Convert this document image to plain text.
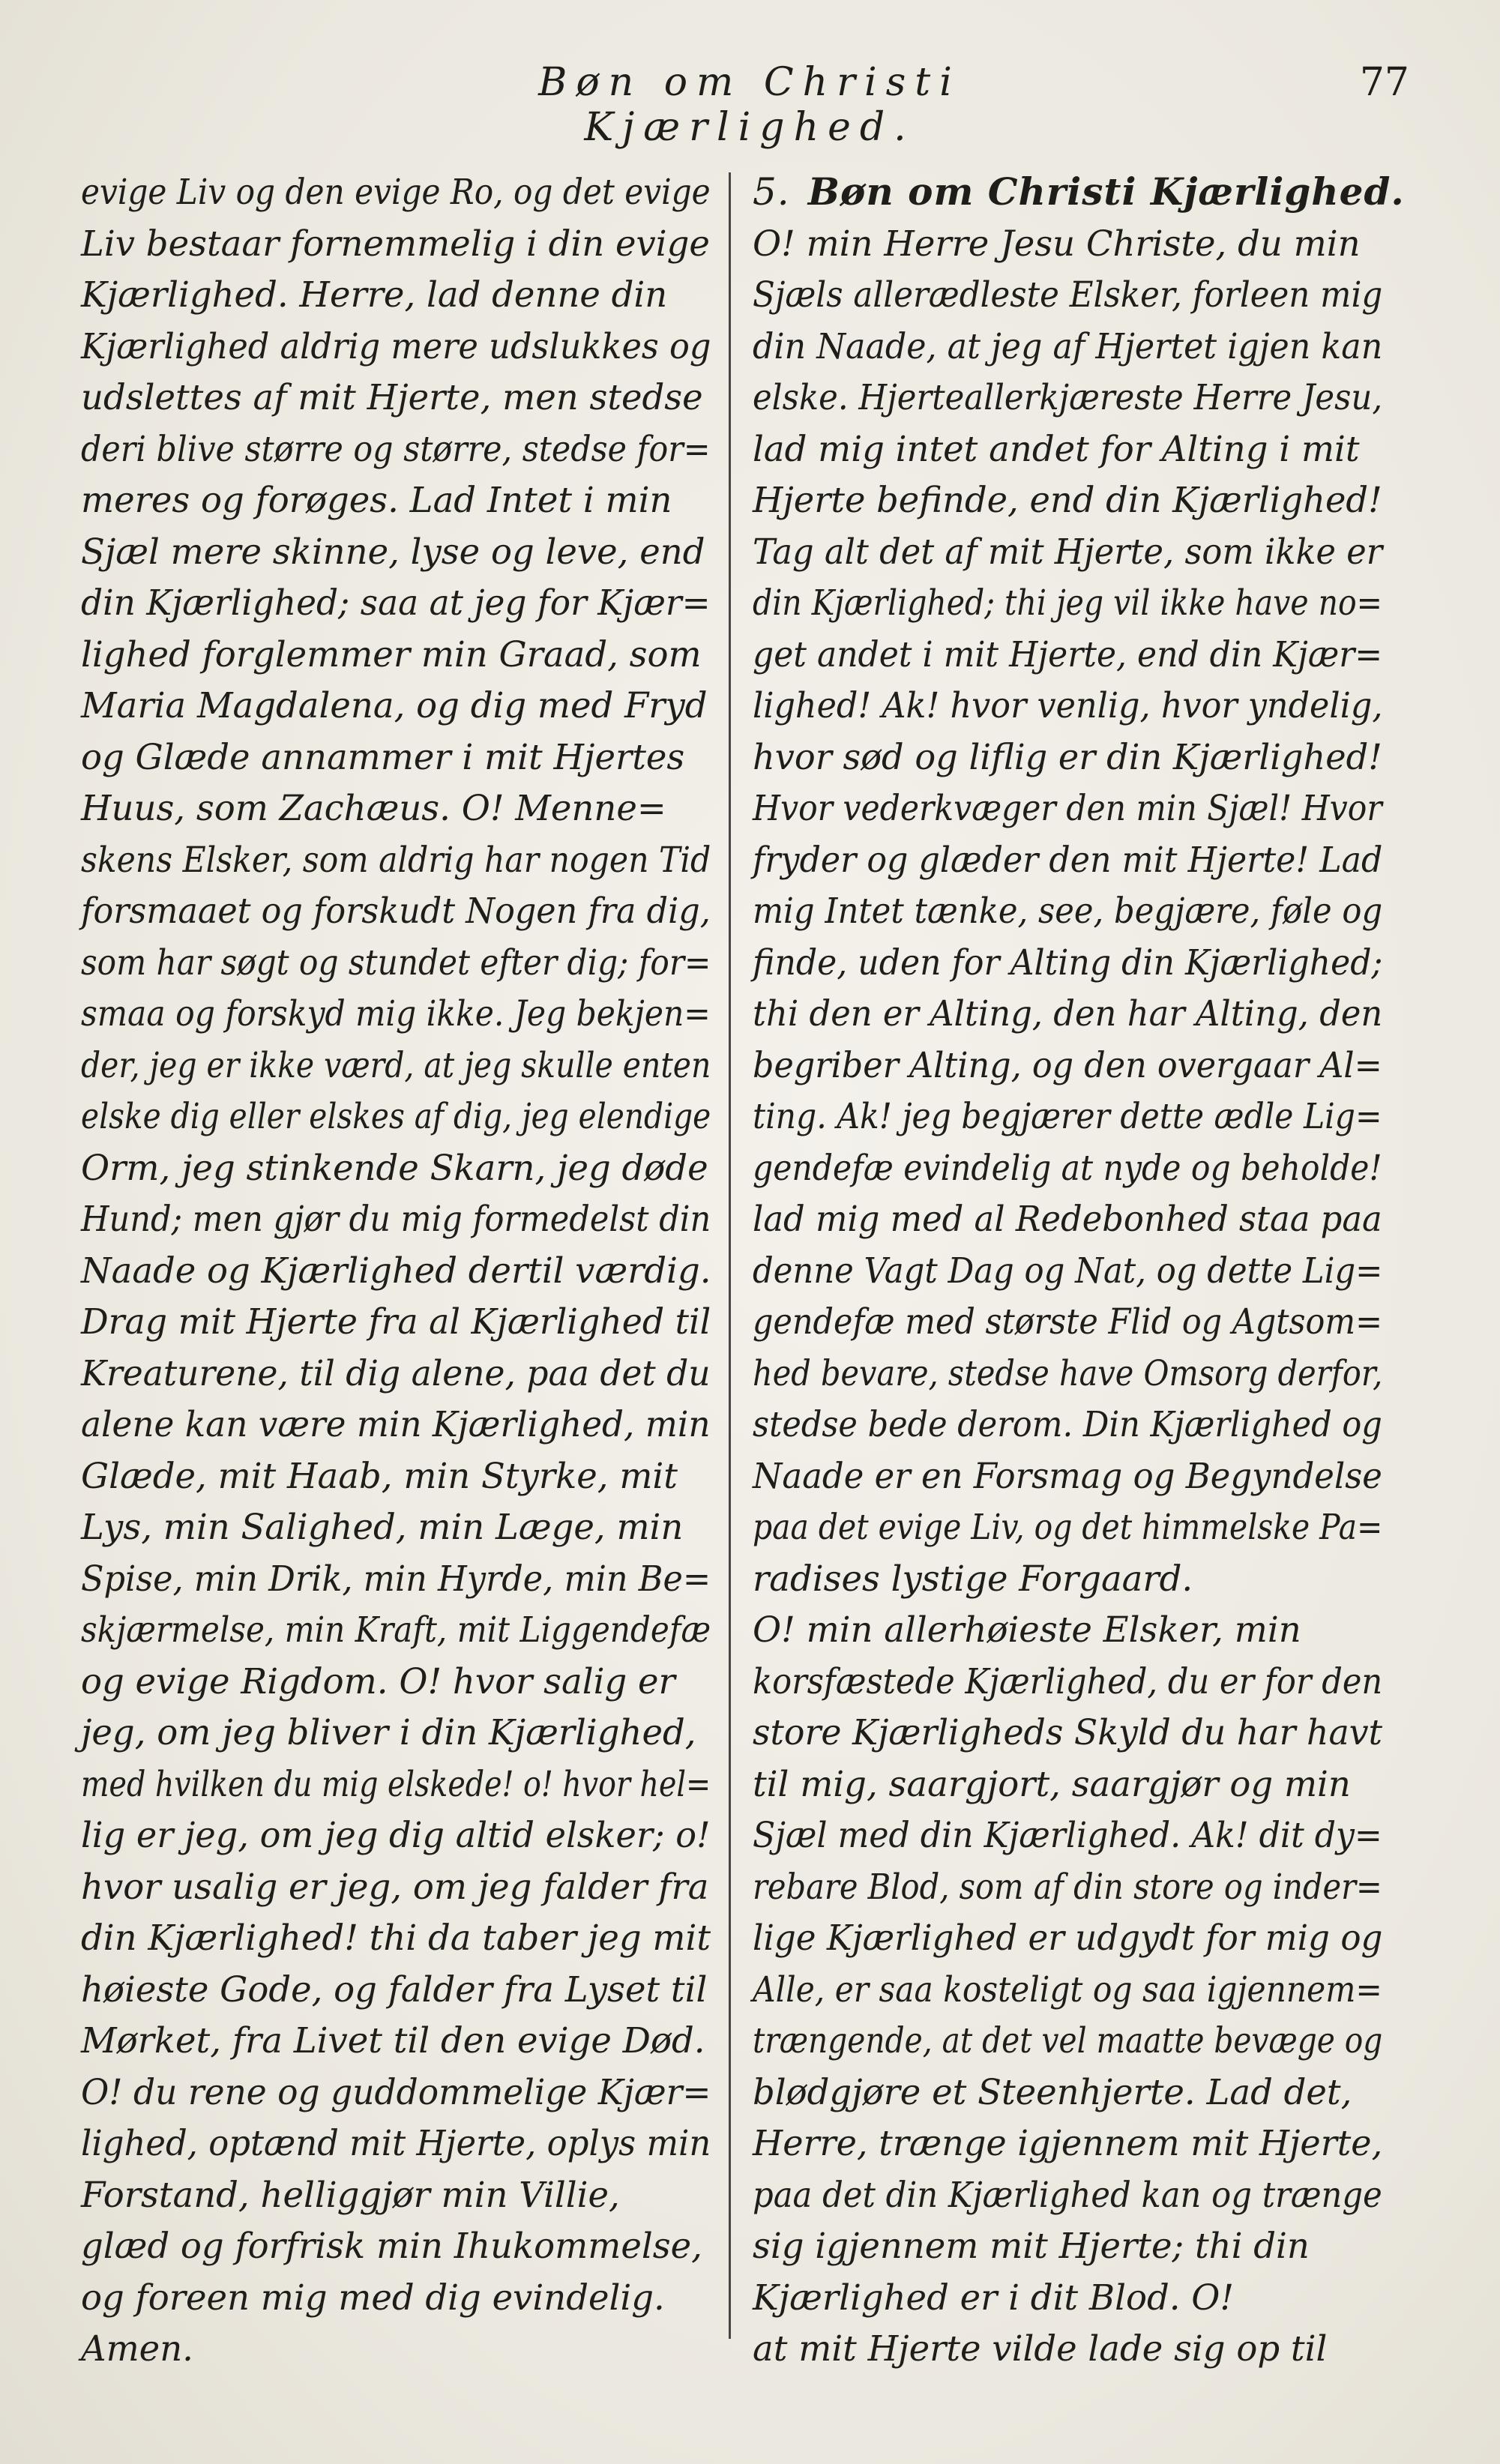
Bøn om Christi Kjærlighed.
77
evige Liv og den evige Ro, og det evige
Liv bestaar fornemmelig i din evige
Kjærlighed. Herre, lad denne din
Kjærlighed aldrig mere udslukkes og
udslettes af mit Hjerte, men stedse
deri blive større og større, stedse for=
meres og forøges. Lad Intet i min
Sjæl mere skinne, lyse og leve, end
din Kjærlighed; saa at jeg for Kjær=
lighed forglemmer min Graad, som
Maria Magdalena, og dig med Fryd
og Glæde annammer i mit Hjertes
Huus, som Zachæus. O! Menne=
skens Elsker, som aldrig har nogen Tid
forsmaaet og forskudt Nogen fra dig,
som har søgt og stundet efter dig; for=
smaa og forskyd mig ikke. Jeg bekjen=
der, jeg er ikke værd, at jeg skulle enten
elske dig eller elskes af dig, jeg elendige
Orm, jeg stinkende Skarn, jeg døde
Hund; men gjør du mig formedelst din
Naade og Kjærlighed dertil værdig.
Drag mit Hjerte fra al Kjærlighed til
Kreaturene, til dig alene, paa det du
alene kan være min Kjærlighed, min
Glæde, mit Haab, min Styrke, mit
Lys, min Salighed, min Læge, min
Spise, min Drik, min Hyrde, min Be=
skjærmelse, min Kraft, mit Liggendefæ
og evige Rigdom. O! hvor salig er
jeg, om jeg bliver i din Kjærlighed,
med hvilken du mig elskede! o! hvor hel=
lig er jeg, om jeg dig altid elsker; o!
hvor usalig er jeg, om jeg falder fra
din Kjærlighed! thi da taber jeg mit
høieste Gode, og falder fra Lyset til
Mørket, fra Livet til den evige Død.
O! du rene og guddommelige Kjær=
lighed, optænd mit Hjerte, oplys min
Forstand, helliggjør min Villie,
glæd og forfrisk min Ihukommelse,
og foreen mig med dig evindelig.
Amen.
5. Bøn om Christi Kjærlighed.
O! min Herre Jesu Christe, du min
Sjæls allerædleste Elsker, forleen mig
din Naade, at jeg af Hjertet igjen kan
elske. Hjerteallerkjæreste Herre Jesu,
lad mig intet andet for Alting i mit
Hjerte befinde, end din Kjærlighed!
Tag alt det af mit Hjerte, som ikke er
din Kjærlighed; thi jeg vil ikke have no=
get andet i mit Hjerte, end din Kjær=
lighed! Ak! hvor venlig, hvor yndelig,
hvor sød og liflig er din Kjærlighed!
Hvor vederkvæger den min Sjæl! Hvor
fryder og glæder den mit Hjerte! Lad
mig Intet tænke, see, begjære, føle og
finde, uden for Alting din Kjærlighed;
thi den er Alting, den har Alting, den
begriber Alting, og den overgaar Al=
ting. Ak! jeg begjærer dette ædle Lig=
gendefæ evindelig at nyde og beholde!
lad mig med al Redebonhed staa paa
denne Vagt Dag og Nat, og dette Lig=
gendefæ med største Flid og Agtsom=
hed bevare, stedse have Omsorg derfor,
stedse bede derom. Din Kjærlighed og
Naade er en Forsmag og Begyndelse
paa det evige Liv, og det himmelske Pa=
radises lystige Forgaard.
O! min allerhøieste Elsker, min
korsfæstede Kjærlighed, du er for den
store Kjærligheds Skyld du har havt
til mig, saargjort, saargjør og min
Sjæl med din Kjærlighed. Ak! dit dy=
rebare Blod, som af din store og inder=
lige Kjærlighed er udgydt for mig og
Alle, er saa kosteligt og saa igjennem=
trængende, at det vel maatte bevæge og
blødgjøre et Steenhjerte. Lad det,
Herre, trænge igjennem mit Hjerte,
paa det din Kjærlighed kan og trænge
sig igjennem mit Hjerte; thi din
Kjærlighed er i dit Blod. O!
at mit Hjerte vilde lade sig op til
